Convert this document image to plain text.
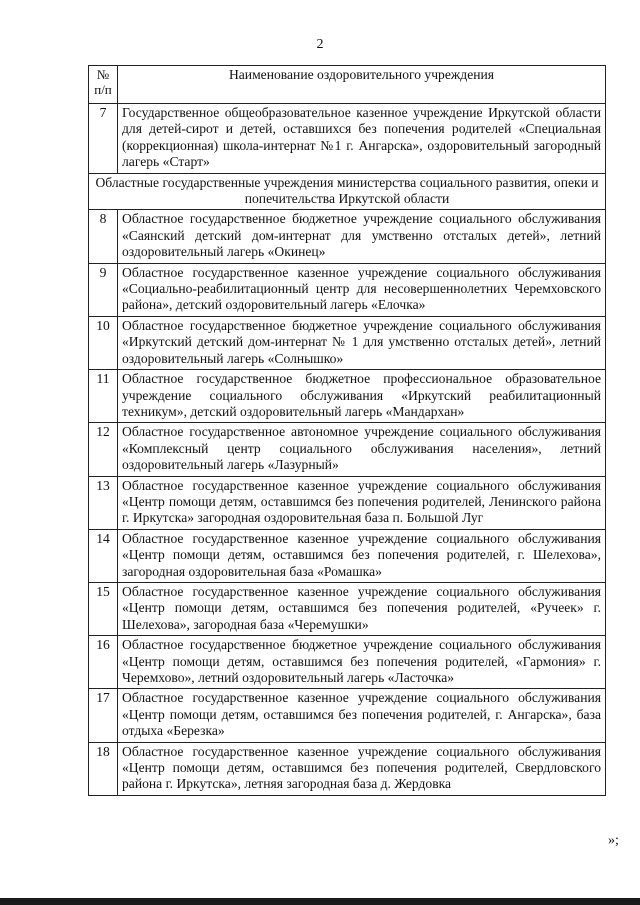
2
№ п/п	Наименование оздоровительного учреждения
7	Государственное общеобразовательное казенное учреждение Иркутской области для детей-сирот и детей, оставшихся без попечения родителей «Специальная (коррекционная) школа-интернат №1 г. Ангарска», оздоровительный загородный лагерь «Старт»
Областные государственные учреждения министерства социального развития, опеки и попечительства Иркутской области	
8	Областное государственное бюджетное учреждение социального обслуживания «Саянский детский дом-интернат для умственно отсталых детей», летний оздоровительный лагерь «Окинец»
9	Областное государственное казенное учреждение социального обслуживания «Социально-реабилитационный центр для несовершеннолетних Черемховского района», детский оздоровительный лагерь «Елочка»
10	Областное государственное бюджетное учреждение социального обслуживания «Иркутский детский дом-интернат № 1 для умственно отсталых детей», летний оздоровительный лагерь «Солнышко»
11	Областное государственное бюджетное профессиональное образовательное учреждение социального обслуживания «Иркутский реабилитационный техникум», детский оздоровительный лагерь «Мандархан»
12	Областное государственное автономное учреждение социального обслуживания «Комплексный центр социального обслуживания населения», летний оздоровительный лагерь «Лазурный»
13	Областное государственное казенное учреждение социального обслуживания «Центр помощи детям, оставшимся без попечения родителей, Ленинского района г. Иркутска» загородная оздоровительная база п. Большой Луг
14	Областное государственное казенное учреждение социального обслуживания «Центр помощи детям, оставшимся без попечения родителей, г. Шелехова», загородная оздоровительная база «Ромашка»
15	Областное государственное казенное учреждение социального обслуживания «Центр помощи детям, оставшимся без попечения родителей, «Ручеек» г. Шелехова», загородная база «Черемушки»
16	Областное государственное бюджетное учреждение социального обслуживания «Центр помощи детям, оставшимся без попечения родителей, «Гармония» г. Черемхово», летний оздоровительный лагерь «Ласточка»
17	Областное государственное казенное учреждение социального обслуживания «Центр помощи детям, оставшимся без попечения родителей, г. Ангарска», база отдыха «Березка»
18	Областное государственное казенное учреждение социального обслуживания «Центр помощи детям, оставшимся без попечения родителей, Свердловского района г. Иркутска», летняя загородная база д. Жердовка
»;
